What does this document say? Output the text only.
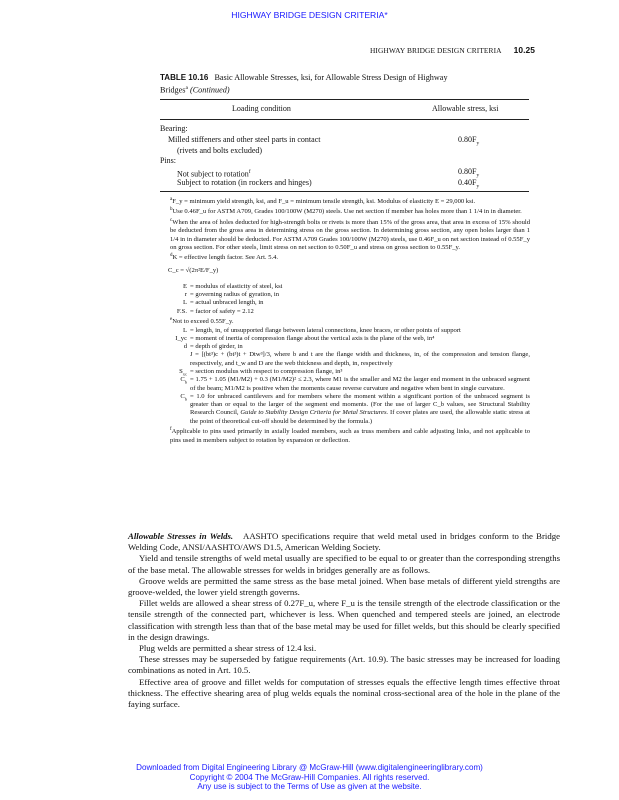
HIGHWAY BRIDGE DESIGN CRITERIA*
HIGHWAY BRIDGE DESIGN CRITERIA 10.25
TABLE 10.16 Basic Allowable Stresses, ksi, for Allowable Stress Design of Highway
Bridges$^a$ (Continued)
Loading condition	Allowable stress, ksi
Bearing:
Milled stiffeners and other steel parts in contact	$0.80F_y$
(rivets and bolts excluded)
Pins:
Not subject to rotation$^f$	$0.80F_y$
Subject to rotation (in rockers and hinges)	$0.40F_y$

$^a$F_y = minimum yield strength, ksi, and F_u = minimum tensile strength, ksi. Modulus of elasticity E = 29,000 ksi.

$^b$Use 0.46F_u for ASTM A709, Grades 100/100W (M270) steels. Use net section if member has holes more than 1 1/4 in in diameter.

$^c$When the area of holes deducted for high-strength bolts or rivets is more than 15% of the gross area, that area in excess of 15% should be deducted from the gross area in determining stress on the gross section. In determining gross section, any open holes larger than 1 1/4 in in diameter should be deducted. For ASTM A709 Grades 100/100W (M270) steels, use 0.46F_u on net section instead of 0.55F_y on gross section. For other steels, limit stress on net section to 0.50F_u and stress on gross section to 0.55F_y.

$^d$K = effective length factor. See Art. 5.4.

C_c = √(2π²E/F_y)

E = modulus of elasticity of steel, ksi
r = governing radius of gyration, in
L = actual unbraced length, in
F.S. = factor of safety = 2.12

$^e$Not to exceed 0.55F_y.

L = length, in, of unsupported flange between lateral connections, knee braces, or other points of support
I_yc = moment of inertia of compression flange about the vertical axis is the plane of the web, in⁴
d = depth of girder, in

J = [(bt³)c + (bt³)t + Dtw³]/3, where b and t are the flange width and thickness, in, of the compression and tension flange, respectively, and t_w and D are the web thickness and depth, in, respectively
$S_{xc}$ = section modulus with respect to compression flange, in³
$C_b = 1.75 + 1.05$ (M1/M2) + 0.3 (M1/M2)² ≤ 2.3, where M1 is the smaller and M2 the larger end moment in the unbraced segment of the beam; M1/M2 is positive when the moments cause reverse curvature and negative when bent in single curvature.
$C_b = 1.0$ for unbraced cantilevers and for members where the moment within a significant portion of the unbraced segment is greater than or equal to the larger of the segment end moments. (For the use of larger C_b values, see Structural Stability Research Council, Guide to Stability Design Criteria for Metal Structures. If cover plates are used, the allowable static stress at the point of theoretical cut-off should be determined by the formula.)

$^f$Applicable to pins used primarily in axially loaded members, such as truss members and cable adjusting links, and not applicable to pins used in members subject to rotation by expansion or deflection.

Allowable Stresses in Welds. AASHTO specifications require that weld metal used in bridges conform to the Bridge Welding Code, ANSI/AASHTO/AWS D1.5, American Welding Society.

Yield and tensile strengths of weld metal usually are specified to be equal to or greater than the corresponding strengths of the base metal. The allowable stresses for welds in bridges generally are as follows.

Groove welds are permitted the same stress as the base metal joined. When base metals of different yield strengths are groove-welded, the lower yield strength governs.

Fillet welds are allowed a shear stress of 0.27F_u, where F_u is the tensile strength of the electrode classification or the tensile strength of the connected part, whichever is less. When quenched and tempered steels are joined, an electrode classification with strength less than that of the base metal may be used for fillet welds, but this should be clearly specified in the design drawings.

Plug welds are permitted a shear stress of 12.4 ksi.

These stresses may be superseded by fatigue requirements (Art. 10.9). The basic stresses may be increased for loading combinations as noted in Art. 10.5.

Effective area of groove and fillet welds for computation of stresses equals the effective length times effective throat thickness. The effective shearing area of plug welds equals the nominal cross-sectional area of the hole in the plane of the faying surface.

Downloaded from Digital Engineering Library @ McGraw-Hill (www.digitalengineeringlibrary.com)
Copyright © 2004 The McGraw-Hill Companies. All rights reserved.
Any use is subject to the Terms of Use as given at the website.
